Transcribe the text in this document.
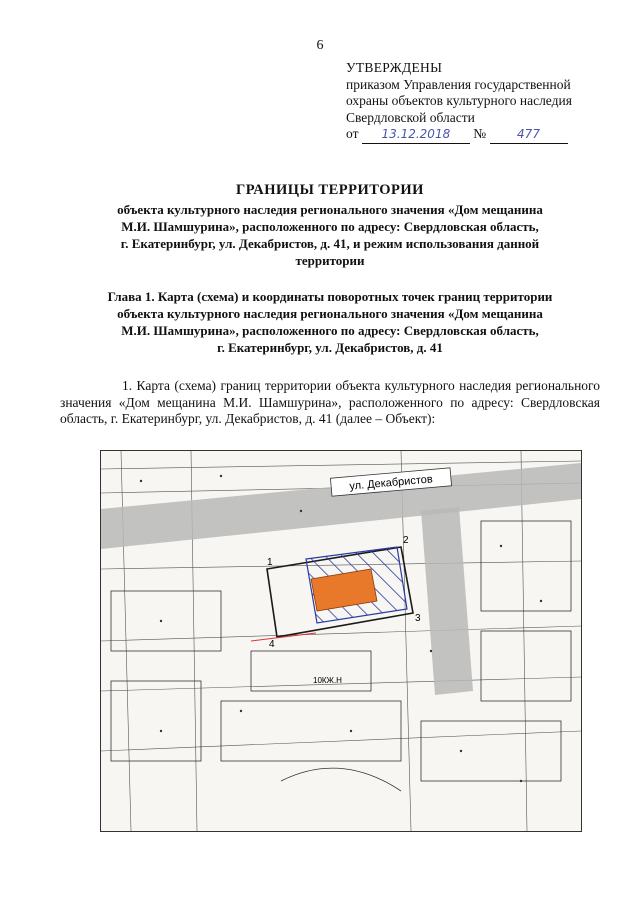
6
УТВЕРЖДЕНЫ
приказом Управления государственной
охраны объектов культурного наследия
Свердловской области
от 13.12.2018 №	477
ГРАНИЦЫ ТЕРРИТОРИИ
объекта культурного наследия регионального значения «Дом мещанина
М.И. Шамшурина», расположенного по адресу: Свердловская область,
г. Екатеринбург, ул. Декабристов, д. 41, и режим использования данной
территории
Глава 1. Карта (схема) и координаты поворотных точек границ территории
объекта культурного наследия регионального значения «Дом мещанина
М.И. Шамшурина», расположенного по адресу: Свердловская область,
г. Екатеринбург, ул. Декабристов, д. 41
1. Карта (схема) границ территории объекта культурного наследия регионального значения «Дом мещанина М.И. Шамшурина», расположенного по адресу: Свердловская область, г. Екатеринбург, ул. Декабристов, д. 41 (далее – Объект):
ул. Декабристов
1
2
3
4
10КЖ.Н
